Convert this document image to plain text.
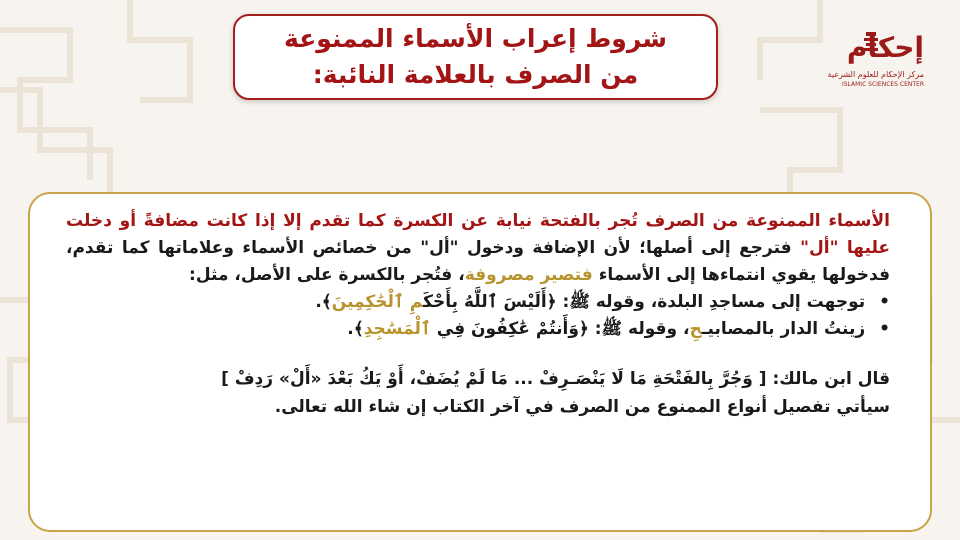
شروط إعراب الأسماء الممنوعة
من الصرف بالعلامة النائبة:
إحكام
مركز الإحكام للعلوم الشرعية
ISLAMIC SCIENCES CENTER

الأسماء الممنوعة من الصرف تُجر بالفتحة نيابة عن الكسرة كما تقدم إلا إذا كانت مضافةً أو دخلت عليها "أل" فترجع إلى أصلها؛ لأن الإضافة ودخول "أل" من خصائص الأسماء وعلاماتها كما تقدم، فدخولها يقوي انتماءها إلى الأسماء فتصير مصروفة، فتُجر بالكسرة على الأصل، مثل:

•توجهت إلى مساجدِ البلدة، وقوله ﷺ: ﴿أَلَيْسَ ٱللَّهُ بِأَحْكَمِ ٱلْحَٰكِمِينَ﴾.
•زينتُ الدار بالمصابيـحِ، وقوله ﷺ: ﴿وَأَنتُمْ عَٰكِفُونَ فِي ٱلْمَسَٰجِدِ﴾.
قال ابن مالك: [ وَجُرَّ بِالفَتْحَةِ مَا لَا يَنْصَـرِفْ ... مَا لَمْ يُضَفْ، أَوْ يَكُ بَعْدَ «أَلْ» رَدِفْ ]
سيأتي تفصيل أنواع الممنوع من الصرف في آخر الكتاب إن شاء الله تعالى.
